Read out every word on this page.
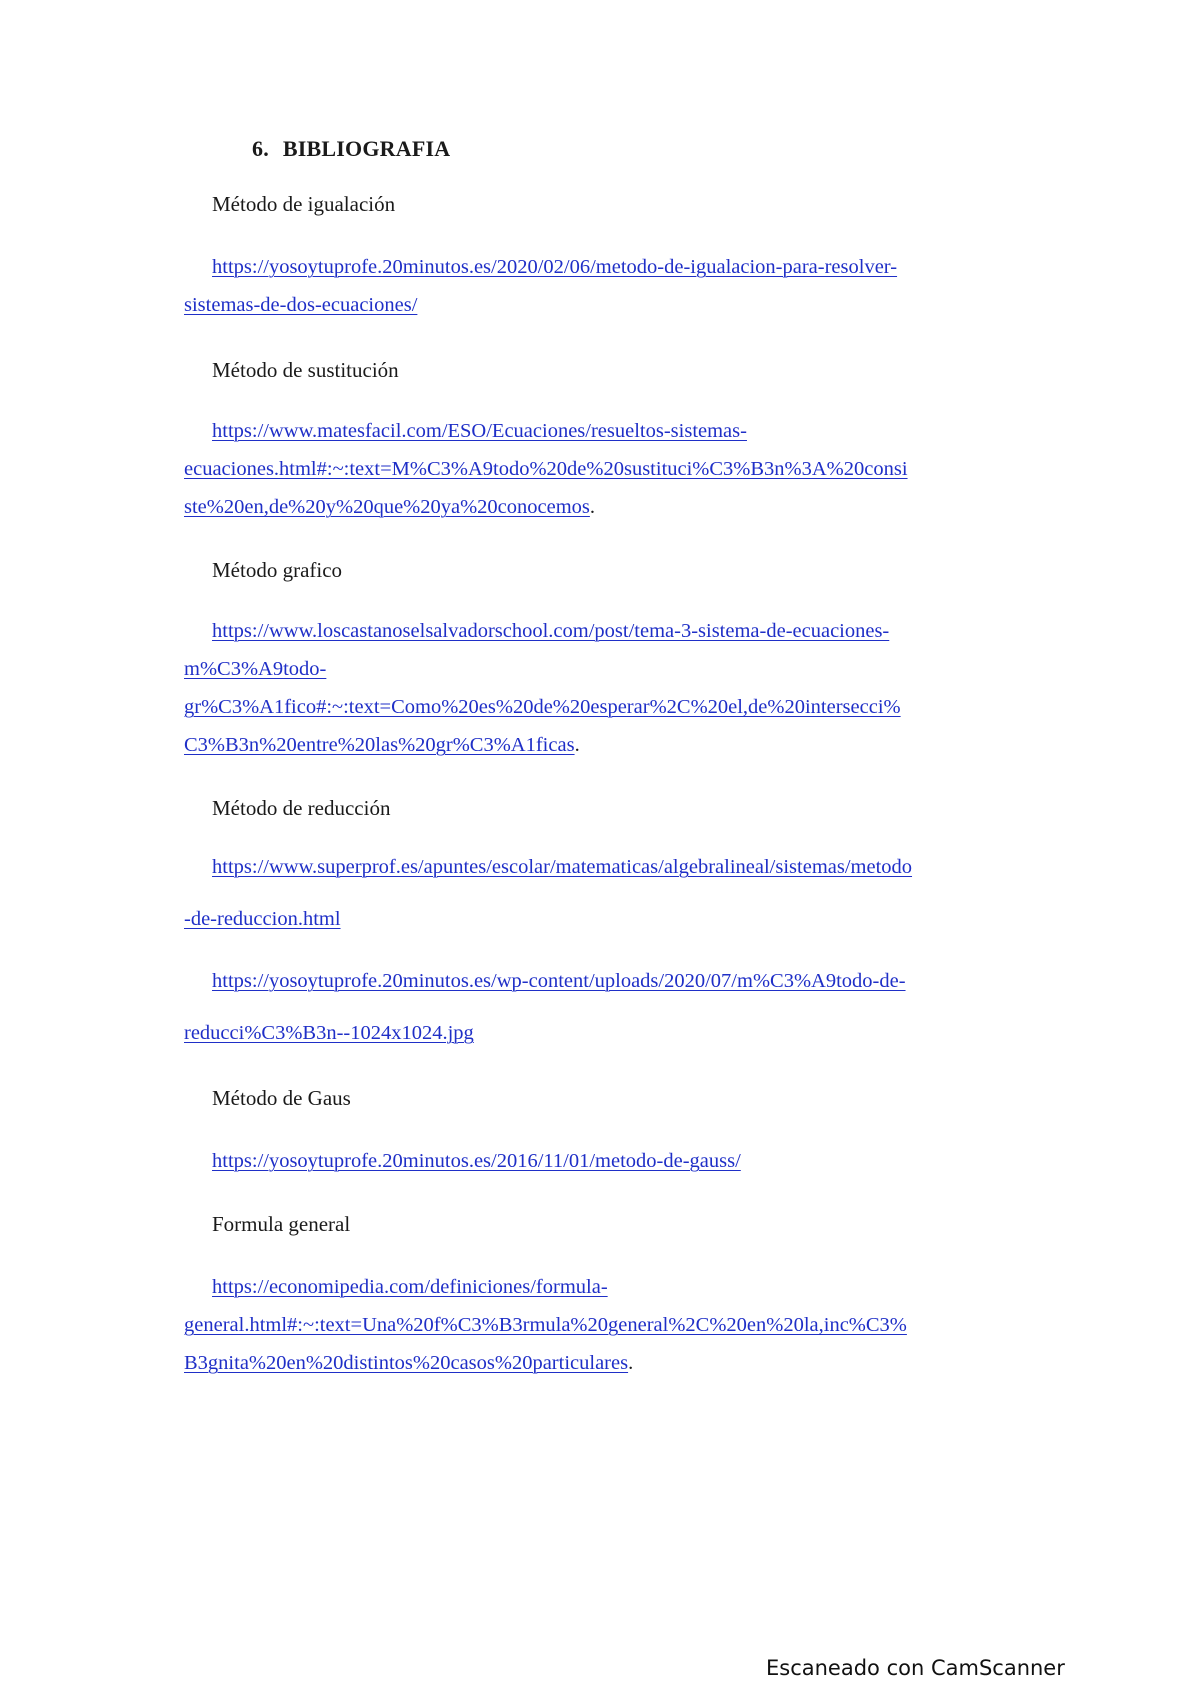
6. BIBLIOGRAFIA

Método de igualación

https://yosoytuprofe.20minutos.es/2020/02/06/metodo-de-igualacion-para-resolver-
sistemas-de-dos-ecuaciones/

Método de sustitución

https://www.matesfacil.com/ESO/Ecuaciones/resueltos-sistemas-
ecuaciones.html#:~:text=M%C3%A9todo%20de%20sustituci%C3%B3n%3A%20consi
ste%20en,de%20y%20que%20ya%20conocemos.

Método grafico

https://www.loscastanoselsalvadorschool.com/post/tema-3-sistema-de-ecuaciones-
m%C3%A9todo-
gr%C3%A1fico#:~:text=Como%20es%20de%20esperar%2C%20el,de%20intersecci%
C3%B3n%20entre%20las%20gr%C3%A1ficas.

Método de reducción

https://www.superprof.es/apuntes/escolar/matematicas/algebralineal/sistemas/metodo
-de-reduccion.html
https://yosoytuprofe.20minutos.es/wp-content/uploads/2020/07/m%C3%A9todo-de-
reducci%C3%B3n--1024x1024.jpg

Método de Gaus

https://yosoytuprofe.20minutos.es/2016/11/01/metodo-de-gauss/

Formula general

https://economipedia.com/definiciones/formula-
general.html#:~:text=Una%20f%C3%B3rmula%20general%2C%20en%20la,inc%C3%
B3gnita%20en%20distintos%20casos%20particulares.
Escaneado con CamScanner
